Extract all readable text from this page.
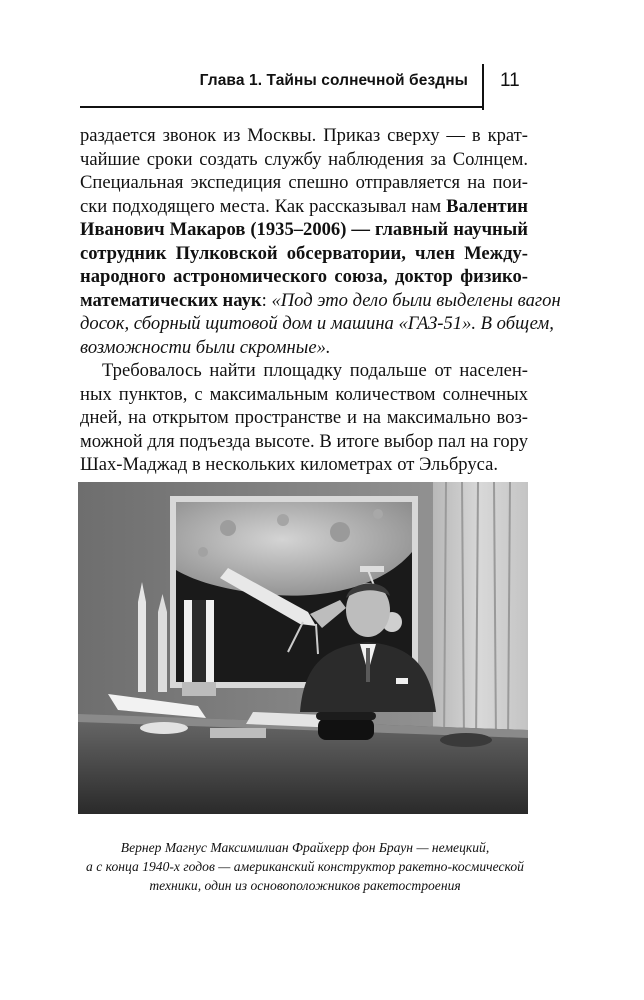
Глава 1. Тайны солнечной бездны 11
раздается звонок из Москвы. Приказ сверху — в крат-
чайшие сроки создать службу наблюдения за Солнцем.
Специальная экспедиция спешно отправляется на пои-
ски подходящего места. Как рассказывал нам Валентин
Иванович Макаров (1935–2006) — главный научный
сотрудник Пулковской обсерватории, член Между-
народного астрономического союза, доктор физико-
математических наук: «Под это дело были выделены вагон
досок, сборный щитовой дом и машина «ГАЗ-51». В общем,
возможности были скромные».
Требовалось найти площадку подальше от населен-
ных пунктов, с максимальным количеством солнечных
дней, на открытом пространстве и на максимально воз-
можной для подъезда высоте. В итоге выбор пал на гору
Шах-Маджад в нескольких километрах от Эльбруса.
Вернер Магнус Максимилиан Фрайхерр фон Браун — немецкий,
а с конца 1940-х годов — американский конструктор ракетно-космической
техники, один из основоположников ракетостроения
